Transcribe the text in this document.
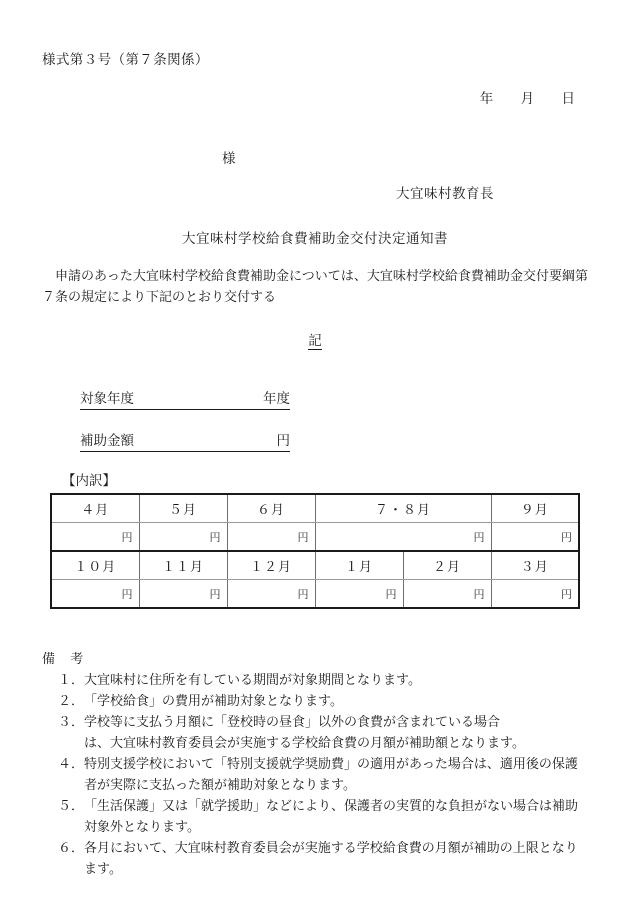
様式第３号（第７条関係）
年 月 日
様
大宜味村教育長
大宜味村学校給食費補助金交付決定通知書
申請のあった大宜味村学校給食費補助金については、大宜味村学校給食費補助金交付要綱第７条の規定により下記のとおり交付する
記
対象年度	年度
補助金額	円
【内訳】
４月	５月	６月	７・８月		９月
円	円	円	円		円
１０月	１１月	１２月	１月	２月	３月
円	円	円	円	円	円
備 考
１． 大宜味村に住所を有している期間が対象期間となります。
２． 「学校給食」の費用が補助対象となります。
３． 学校等に支払う月額に「登校時の昼食」以外の食費が含まれている場合
は、大宜味村教育委員会が実施する学校給食費の月額が補助額となります。
４． 特別支援学校において「特別支援就学奨励費」の適用があった場合は、適用後の保護
者が実際に支払った額が補助対象となります。
５． 「生活保護」又は「就学援助」などにより、保護者の実質的な負担がない場合は補助
対象外となります。
６． 各月において、大宜味村教育委員会が実施する学校給食費の月額が補助の上限となり
ます。
